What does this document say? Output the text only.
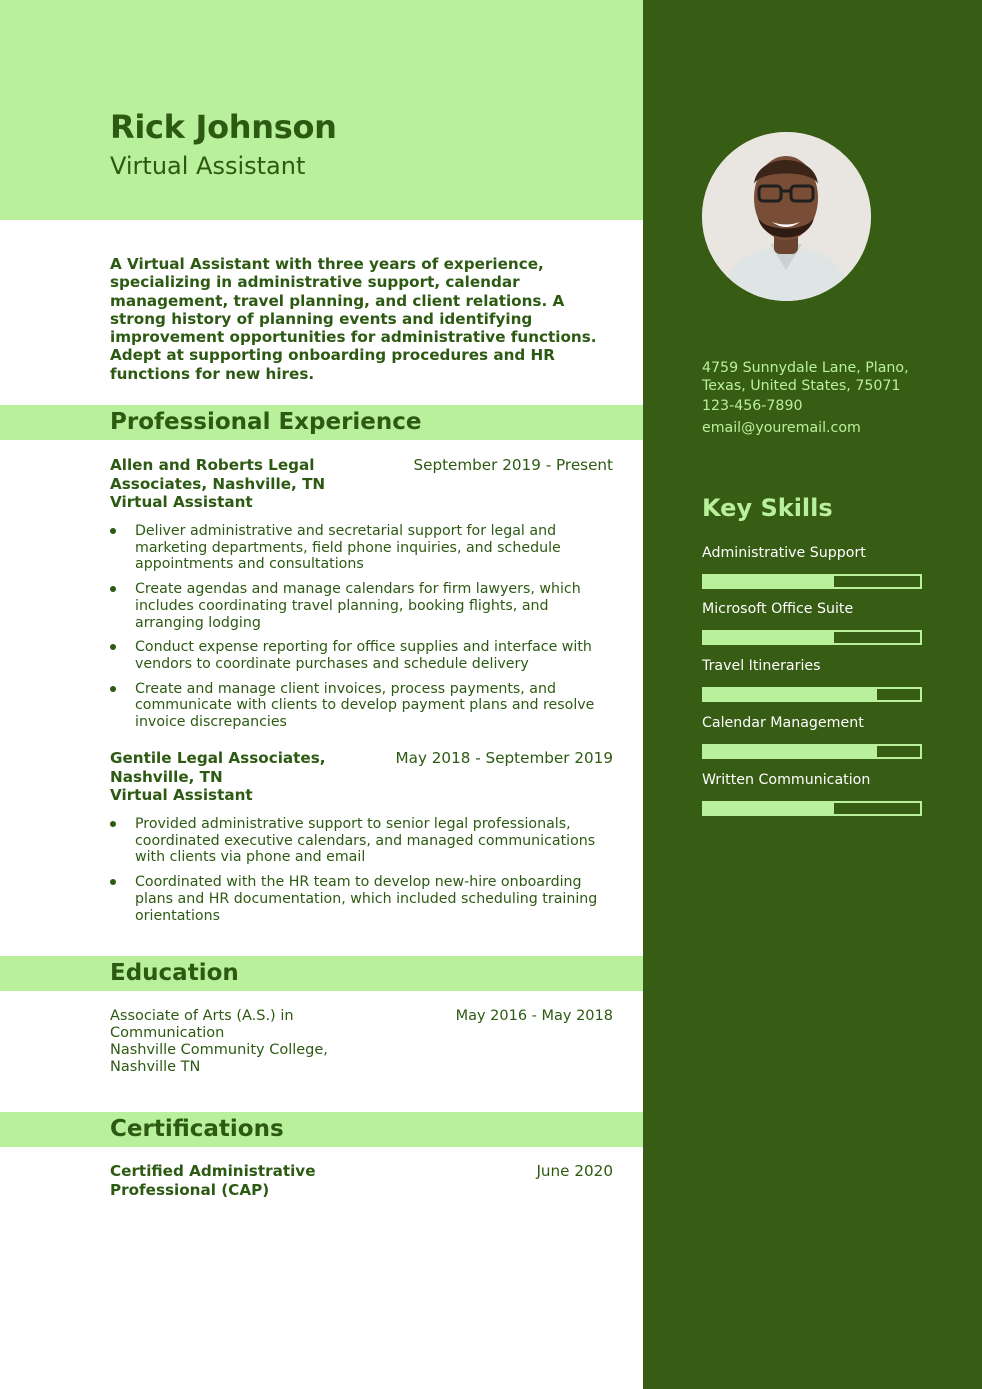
Rick Johnson
Virtual Assistant
A Virtual Assistant with three years of experience, specializing in administrative support, calendar management, travel planning, and client relations. A strong history of planning events and identifying improvement opportunities for administrative functions. Adept at supporting onboarding procedures and HR functions for new hires.
Professional Experience
Allen and Roberts Legal Associates, Nashville, TN
Virtual Assistant
September 2019 - Present
Deliver administrative and secretarial support for legal and marketing departments, field phone inquiries, and schedule appointments and consultations
Create agendas and manage calendars for firm lawyers, which includes coordinating travel planning, booking flights, and arranging lodging
Conduct expense reporting for office supplies and interface with vendors to coordinate purchases and schedule delivery
Create and manage client invoices, process payments, and communicate with clients to develop payment plans and resolve invoice discrepancies
Gentile Legal Associates, Nashville, TN
Virtual Assistant
May 2018 - September 2019
Provided administrative support to senior legal professionals, coordinated executive calendars, and managed communications with clients via phone and email
Coordinated with the HR team to develop new-hire onboarding plans and HR documentation, which included scheduling training orientations
Education
Associate of Arts (A.S.) in Communication
Nashville Community College, Nashville TN
May 2016 - May 2018
Certifications
Certified Administrative Professional (CAP)
June 2020
4759 Sunnydale Lane, Plano, Texas, United States, 75071
123-456-7890
email@youremail.com
Key Skills
Administrative Support
Microsoft Office Suite
Travel Itineraries
Calendar Management
Written Communication
